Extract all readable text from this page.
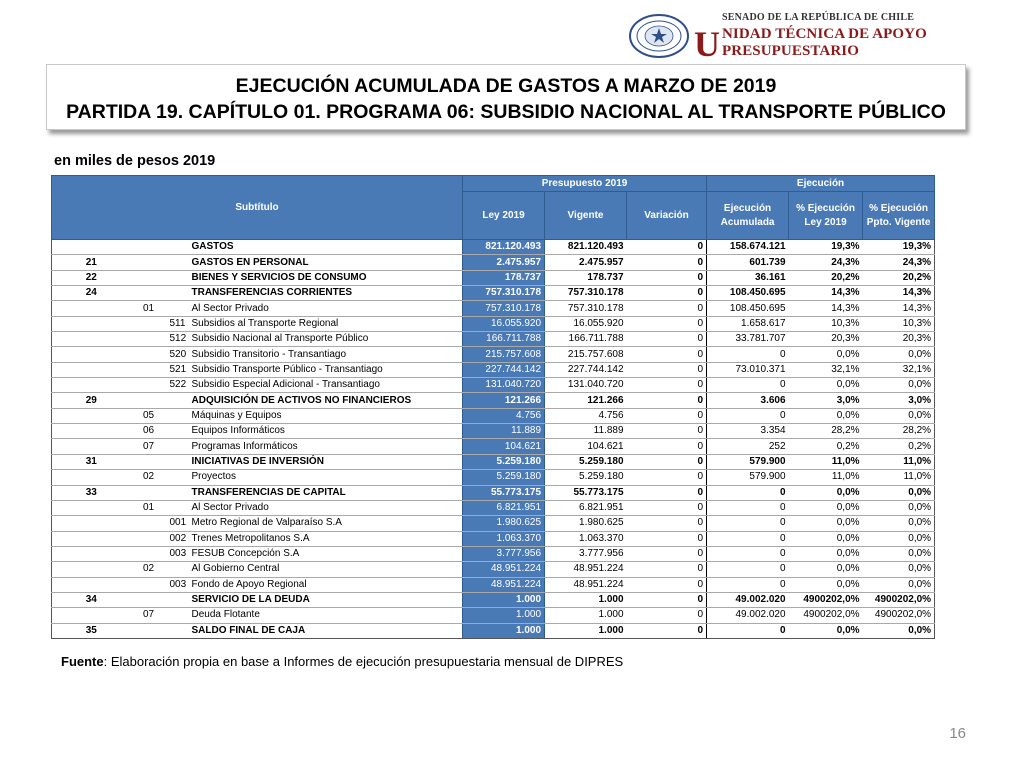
U
SENADO DE LA REPÚBLICA DE CHILE
NIDAD TÉCNICA DE APOYO PRESUPUESTARIO
EJECUCIÓN ACUMULADA DE GASTOS A MARZO DE 2019
PARTIDA 19. CAPÍTULO 01. PROGRAMA 06: SUBSIDIO NACIONAL AL TRANSPORTE PÚBLICO
en miles de pesos 2019
Subtítulo				Presupuesto 2019			Ejecución		
				Ley 2019	Vigente	Variación	Ejecución Acumulada	% Ejecución Ley 2019	% Ejecución Ppto. Vigente
			GASTOS	821.120.493	821.120.493	0	158.674.121	19,3%	19,3%
21			GASTOS EN PERSONAL	2.475.957	2.475.957	0	601.739	24,3%	24,3%
22			BIENES Y SERVICIOS DE CONSUMO	178.737	178.737	0	36.161	20,2%	20,2%
24			TRANSFERENCIAS CORRIENTES	757.310.178	757.310.178	0	108.450.695	14,3%	14,3%
	01		Al Sector Privado	757.310.178	757.310.178	0	108.450.695	14,3%	14,3%
		511	Subsidios al Transporte Regional	16.055.920	16.055.920	0	1.658.617	10,3%	10,3%
		512	Subsidio Nacional al Transporte Público	166.711.788	166.711.788	0	33.781.707	20,3%	20,3%
		520	Subsidio Transitorio - Transantiago	215.757.608	215.757.608	0	0	0,0%	0,0%
		521	Subsidio Transporte Público - Transantiago	227.744.142	227.744.142	0	73.010.371	32,1%	32,1%
		522	Subsidio Especial Adicional - Transantiago	131.040.720	131.040.720	0	0	0,0%	0,0%
29			ADQUISICIÓN DE ACTIVOS NO FINANCIEROS	121.266	121.266	0	3.606	3,0%	3,0%
	05		Máquinas y Equipos	4.756	4.756	0	0	0,0%	0,0%
	06		Equipos Informáticos	11.889	11.889	0	3.354	28,2%	28,2%
	07		Programas Informáticos	104.621	104.621	0	252	0,2%	0,2%
31			INICIATIVAS DE INVERSIÓN	5.259.180	5.259.180	0	579.900	11,0%	11,0%
	02		Proyectos	5.259.180	5.259.180	0	579.900	11,0%	11,0%
33			TRANSFERENCIAS DE CAPITAL	55.773.175	55.773.175	0	0	0,0%	0,0%
	01		Al Sector Privado	6.821.951	6.821.951	0	0	0,0%	0,0%
		001	Metro Regional de Valparaíso S.A	1.980.625	1.980.625	0	0	0,0%	0,0%
		002	Trenes Metropolitanos S.A	1.063.370	1.063.370	0	0	0,0%	0,0%
		003	FESUB Concepción S.A	3.777.956	3.777.956	0	0	0,0%	0,0%
	02		Al Gobierno Central	48.951.224	48.951.224	0	0	0,0%	0,0%
		003	Fondo de Apoyo Regional	48.951.224	48.951.224	0	0	0,0%	0,0%
34			SERVICIO DE LA DEUDA	1.000	1.000	0	49.002.020	4900202,0%	4900202,0%
	07		Deuda Flotante	1.000	1.000	0	49.002.020	4900202,0%	4900202,0%
35			SALDO FINAL DE CAJA	1.000	1.000	0	0	0,0%	0,0%
Fuente: Elaboración propia en base a Informes de ejecución presupuestaria mensual de DIPRES
16
